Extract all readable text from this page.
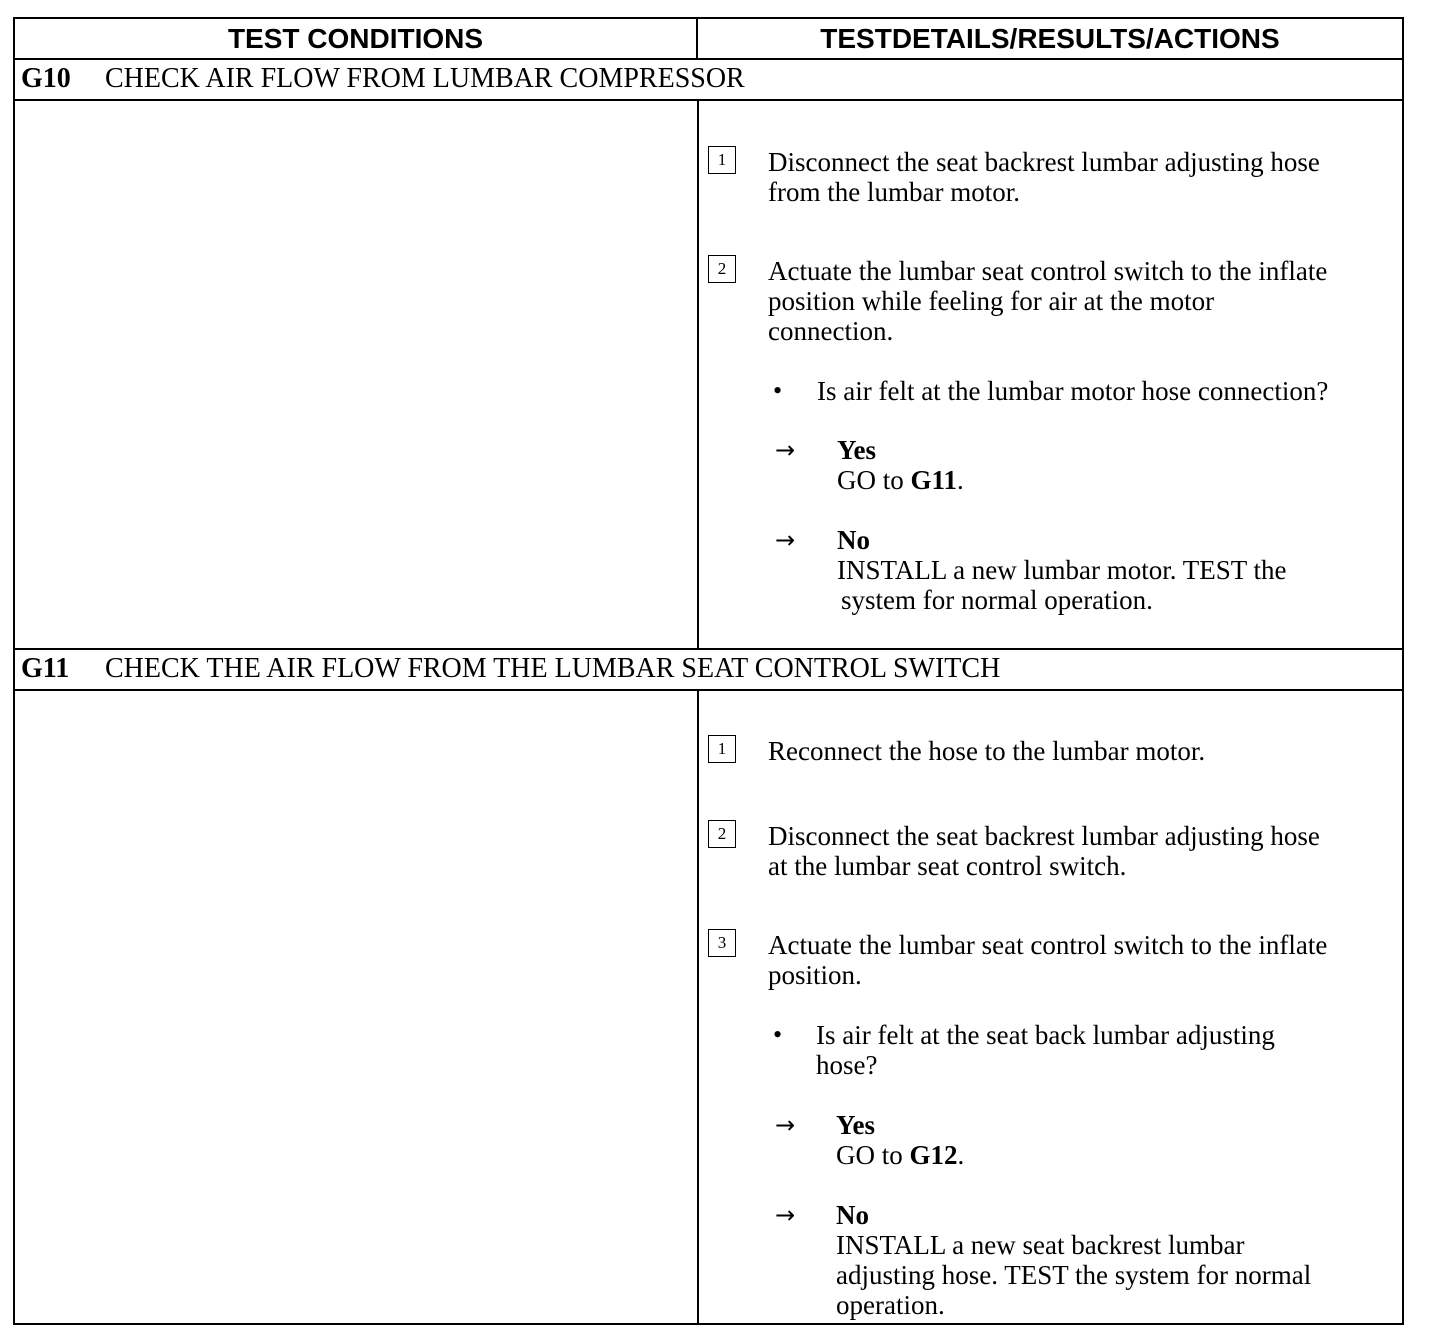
TEST CONDITIONS	TESTDETAILS/RESULTS/ACTIONS
G10 CHECK AIR FLOW FROM LUMBAR COMPRESSOR
1	Disconnect the seat backrest lumbar adjusting hose
from the lumbar motor.
2	Actuate the lumbar seat control switch to the inflate
position while feeling for air at the motor
connection.
• Is air felt at the lumbar motor hose connection?
→ Yes
GO to G11.
→ No
INSTALL a new lumbar motor. TEST the
system for normal operation.
G11 CHECK THE AIR FLOW FROM THE LUMBAR SEAT CONTROL SWITCH
1	Reconnect the hose to the lumbar motor.
2	Disconnect the seat backrest lumbar adjusting hose
at the lumbar seat control switch.
3	Actuate the lumbar seat control switch to the inflate
position.
• Is air felt at the seat back lumbar adjusting
hose?
→ Yes
GO to G12.
→ No
INSTALL a new seat backrest lumbar
adjusting hose. TEST the system for normal
operation.
